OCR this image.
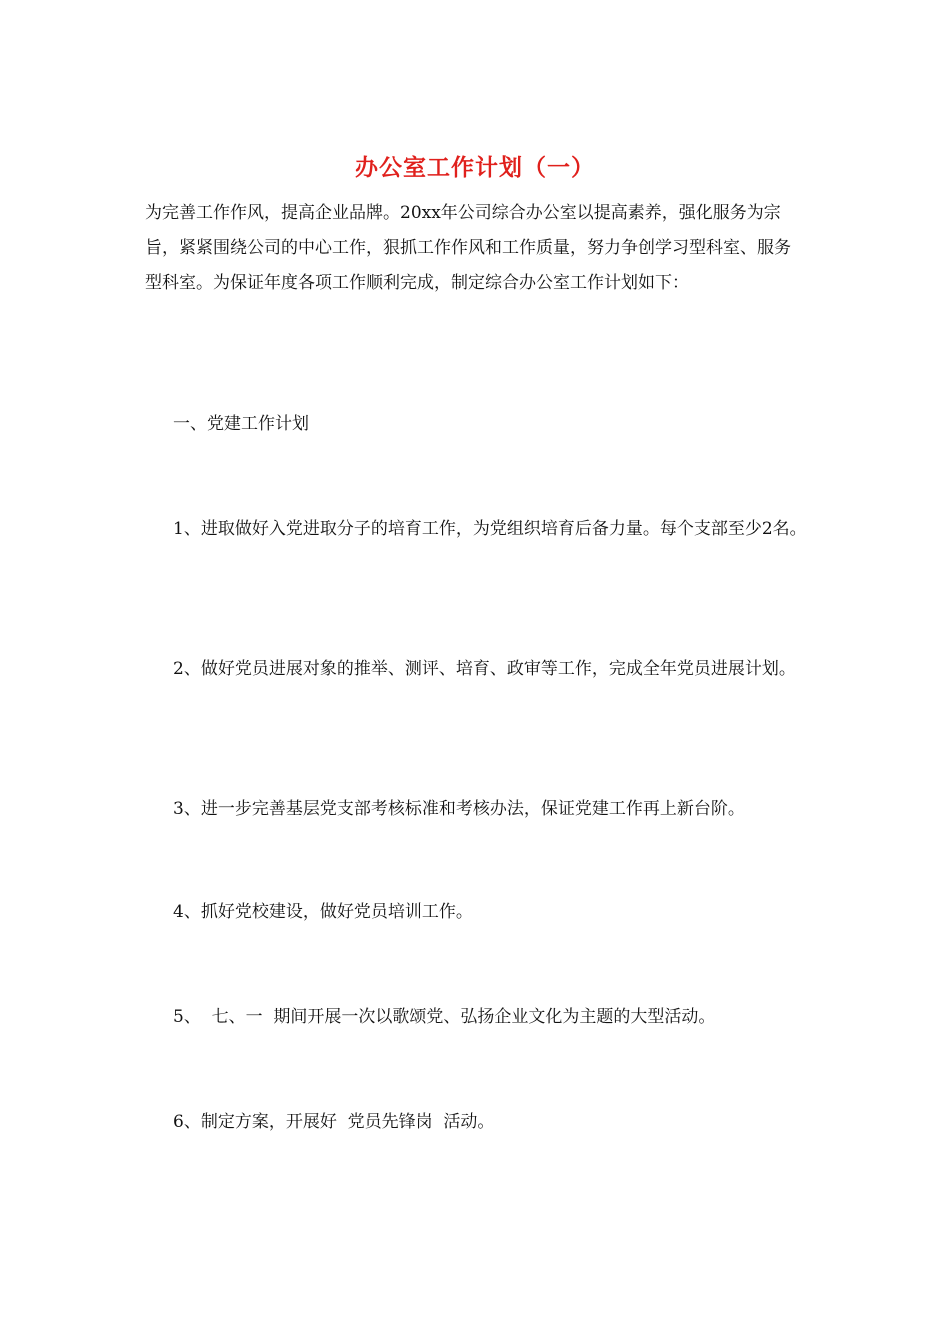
办公室工作计划（一）

为完善工作作风，提高企业品牌。20xx年公司综合办公室以提高素养，强化服务为宗旨，紧紧围绕公司的中心工作，狠抓工作作风和工作质量，努力争创学习型科室、服务型科室。为保证年度各项工作顺利完成，制定综合办公室工作计划如下：

一、党建工作计划

1、进取做好入党进取分子的培育工作，为党组织培育后备力量。每个支部至少2名。

2、做好党员进展对象的推举、测评、培育、政审等工作，完成全年党员进展计划。

3、进一步完善基层党支部考核标准和考核办法，保证党建工作再上新台阶。

4、抓好党校建设，做好党员培训工作。

5、  七、一  期间开展一次以歌颂党、弘扬企业文化为主题的大型活动。

6、制定方案，开展好  党员先锋岗  活动。
